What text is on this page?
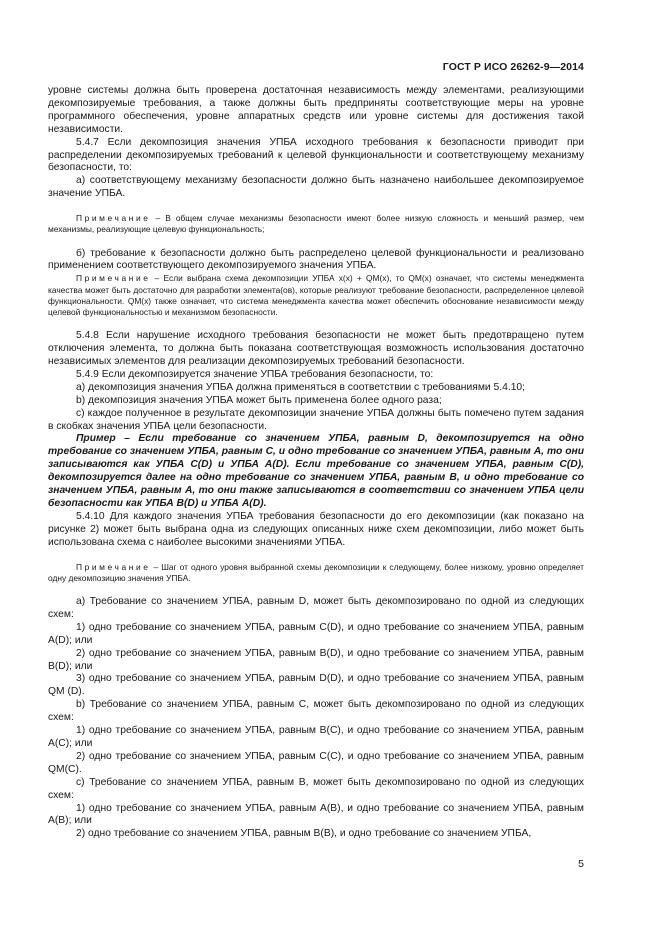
ГОСТ Р ИСО 26262-9—2014

уровне системы должна быть проверена достаточная независимость между элементами, реализующими декомпозируемые требования, а также должны быть предприняты соответствующие меры на уровне программного обеспечения, уровне аппаратных средств или уровне системы для достижения такой независимости.

5.4.7 Если декомпозиция значения УПБА исходного требования к безопасности приводит при распределении декомпозируемых требований к целевой функциональности и соответствующему механизму безопасности, то:

а) соответствующему механизму безопасности должно быть назначено наибольшее декомпозируемое значение УПБА.

Примечание – В общем случае механизмы безопасности имеют более низкую сложность и меньший размер, чем механизмы, реализующие целевую функциональность;

б) требование к безопасности должно быть распределено целевой функциональности и реализовано применением соответствующего декомпозируемого значения УПБА.

Примечание – Если выбрана схема декомпозиции УПБА x(x) + QM(x), то QM(x) означает, что системы менеджмента качества может быть достаточно для разработки элемента(ов), которые реализуют требование безопасности, распределенное целевой функциональности. QM(x) также означает, что система менеджмента качества может обеспечить обоснование независимости между целевой функциональностью и механизмом безопасности.

5.4.8 Если нарушение исходного требования безопасности не может быть предотвращено путем отключения элемента, то должна быть показана соответствующая возможность использования достаточно независимых элементов для реализации декомпозируемых требований безопасности.

5.4.9 Если декомпозируется значение УПБА требования безопасности, то:

а) декомпозиция значения УПБА должна применяться в соответствии с требованиями 5.4.10;

b) декомпозиция значения УПБА может быть применена более одного раза;

с) каждое полученное в результате декомпозиции значение УПБА должны быть помечено путем задания в скобках значения УПБА цели безопасности.

Пример – Если требование со значением УПБА, равным D, декомпозируется на одно требование со значением УПБА, равным С, и одно требование со значением УПБА, равным А, то они записываются как УПБА С(D) и УПБА А(D). Если требование со значением УПБА, равным С(D), декомпозируется далее на одно требование со значением УПБА, равным В, и одно требование со значением УПБА, равным А, то они также записываются в соответствии со значением УПБА цели безопасности как УПБА В(D) и УПБА А(D).

5.4.10 Для каждого значения УПБА требования безопасности до его декомпозиции (как показано на рисунке 2) может быть выбрана одна из следующих описанных ниже схем декомпозиции, либо может быть использована схема с наиболее высокими значениями УПБА.

Примечание – Шаг от одного уровня выбранной схемы декомпозиции к следующему, более низкому, уровню определяет одну декомпозицию значения УПБА.

а) Требование со значением УПБА, равным D, может быть декомпозировано по одной из следующих схем:

1) одно требование со значением УПБА, равным С(D), и одно требование со значением УПБА, равным А(D); или

2) одно требование со значением УПБА, равным В(D), и одно требование со значением УПБА, равным В(D); или

3) одно требование со значением УПБА, равным D(D), и одно требование со значением УПБА, равным QM (D).

b) Требование со значением УПБА, равным С, может быть декомпозировано по одной из следующих схем:

1) одно требование со значением УПБА, равным В(С), и одно требование со значением УПБА, равным А(С); или

2) одно требование со значением УПБА, равным С(С), и одно требование со значением УПБА, равным QM(С).

с) Требование со значением УПБА, равным В, может быть декомпозировано по одной из следующих схем:

1) одно требование со значением УПБА, равным А(В), и одно требование со значением УПБА, равным А(В); или

2) одно требование со значением УПБА, равным В(В), и одно требование со значением УПБА,

5
